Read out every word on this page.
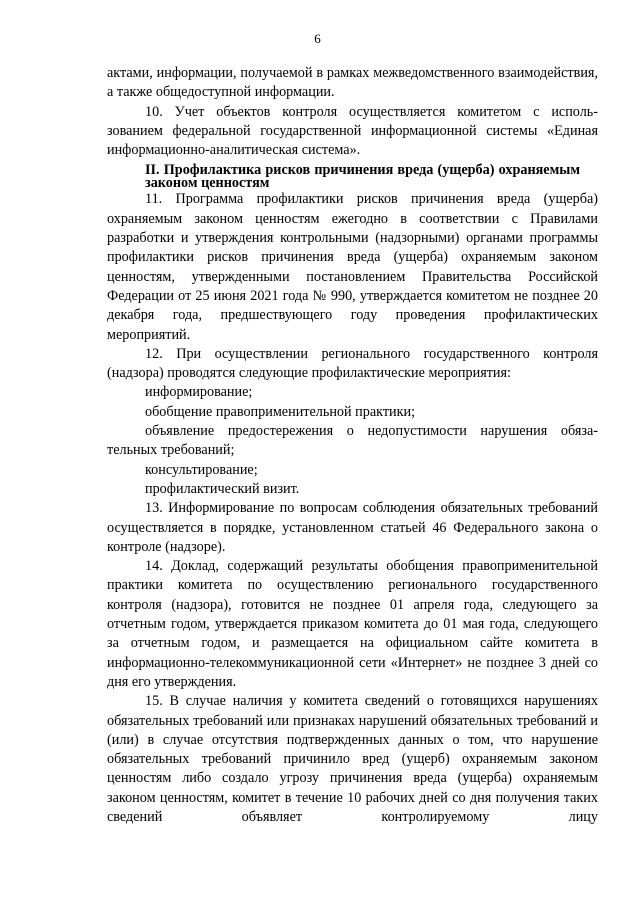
6

актами, информации, получаемой в рамках межведомственного взаимодействия, а также общедоступной информации.

10. Учет объектов контроля осуществляется комитетом с исполь- зованием федеральной государственной информационной системы «Единая информационно-аналитическая система».

II. Профилактика рисков причинения вреда (ущерба) охраняемым законом ценностям

11. Программа профилактики рисков причинения вреда (ущерба) охраняемым законом ценностям ежегодно в соответствии с Правилами разработки и утверждения контрольными (надзорными) органами программы профилактики рисков причинения вреда (ущерба) охраняемым законом ценностям, утвержденными постановлением Правительства Российской Федерации от 25 июня 2021 года № 990, утверждается комитетом не позднее 20 декабря года, предшествующего году проведения профилактических мероприятий.

12. При осуществлении регионального государственного контроля (надзора) проводятся следующие профилактические мероприятия:

информирование;

обобщение правоприменительной практики;

объявление предостережения о недопустимости нарушения обяза- тельных требований;

консультирование;

профилактический визит.

13. Информирование по вопросам соблюдения обязательных требований осуществляется в порядке, установленном статьей 46 Федерального закона о контроле (надзоре).

14. Доклад, содержащий результаты обобщения правоприменительной практики комитета по осуществлению регионального государственного контроля (надзора), готовится не позднее 01 апреля года, следующего за отчетным годом, утверждается приказом комитета до 01 мая года, следующего за отчетным годом, и размещается на официальном сайте комитета в информационно-телекоммуникационной сети «Интернет» не позднее 3 дней со дня его утверждения.

15. В случае наличия у комитета сведений о готовящихся нарушениях обязательных требований или признаках нарушений обязательных требований и (или) в случае отсутствия подтвержденных данных о том, что нарушение обязательных требований причинило вред (ущерб) охраняемым законом ценностям либо создало угрозу причинения вреда (ущерба) охраняемым законом ценностям, комитет в течение 10 рабочих дней со дня получения таких сведений объявляет контролируемому лицу
